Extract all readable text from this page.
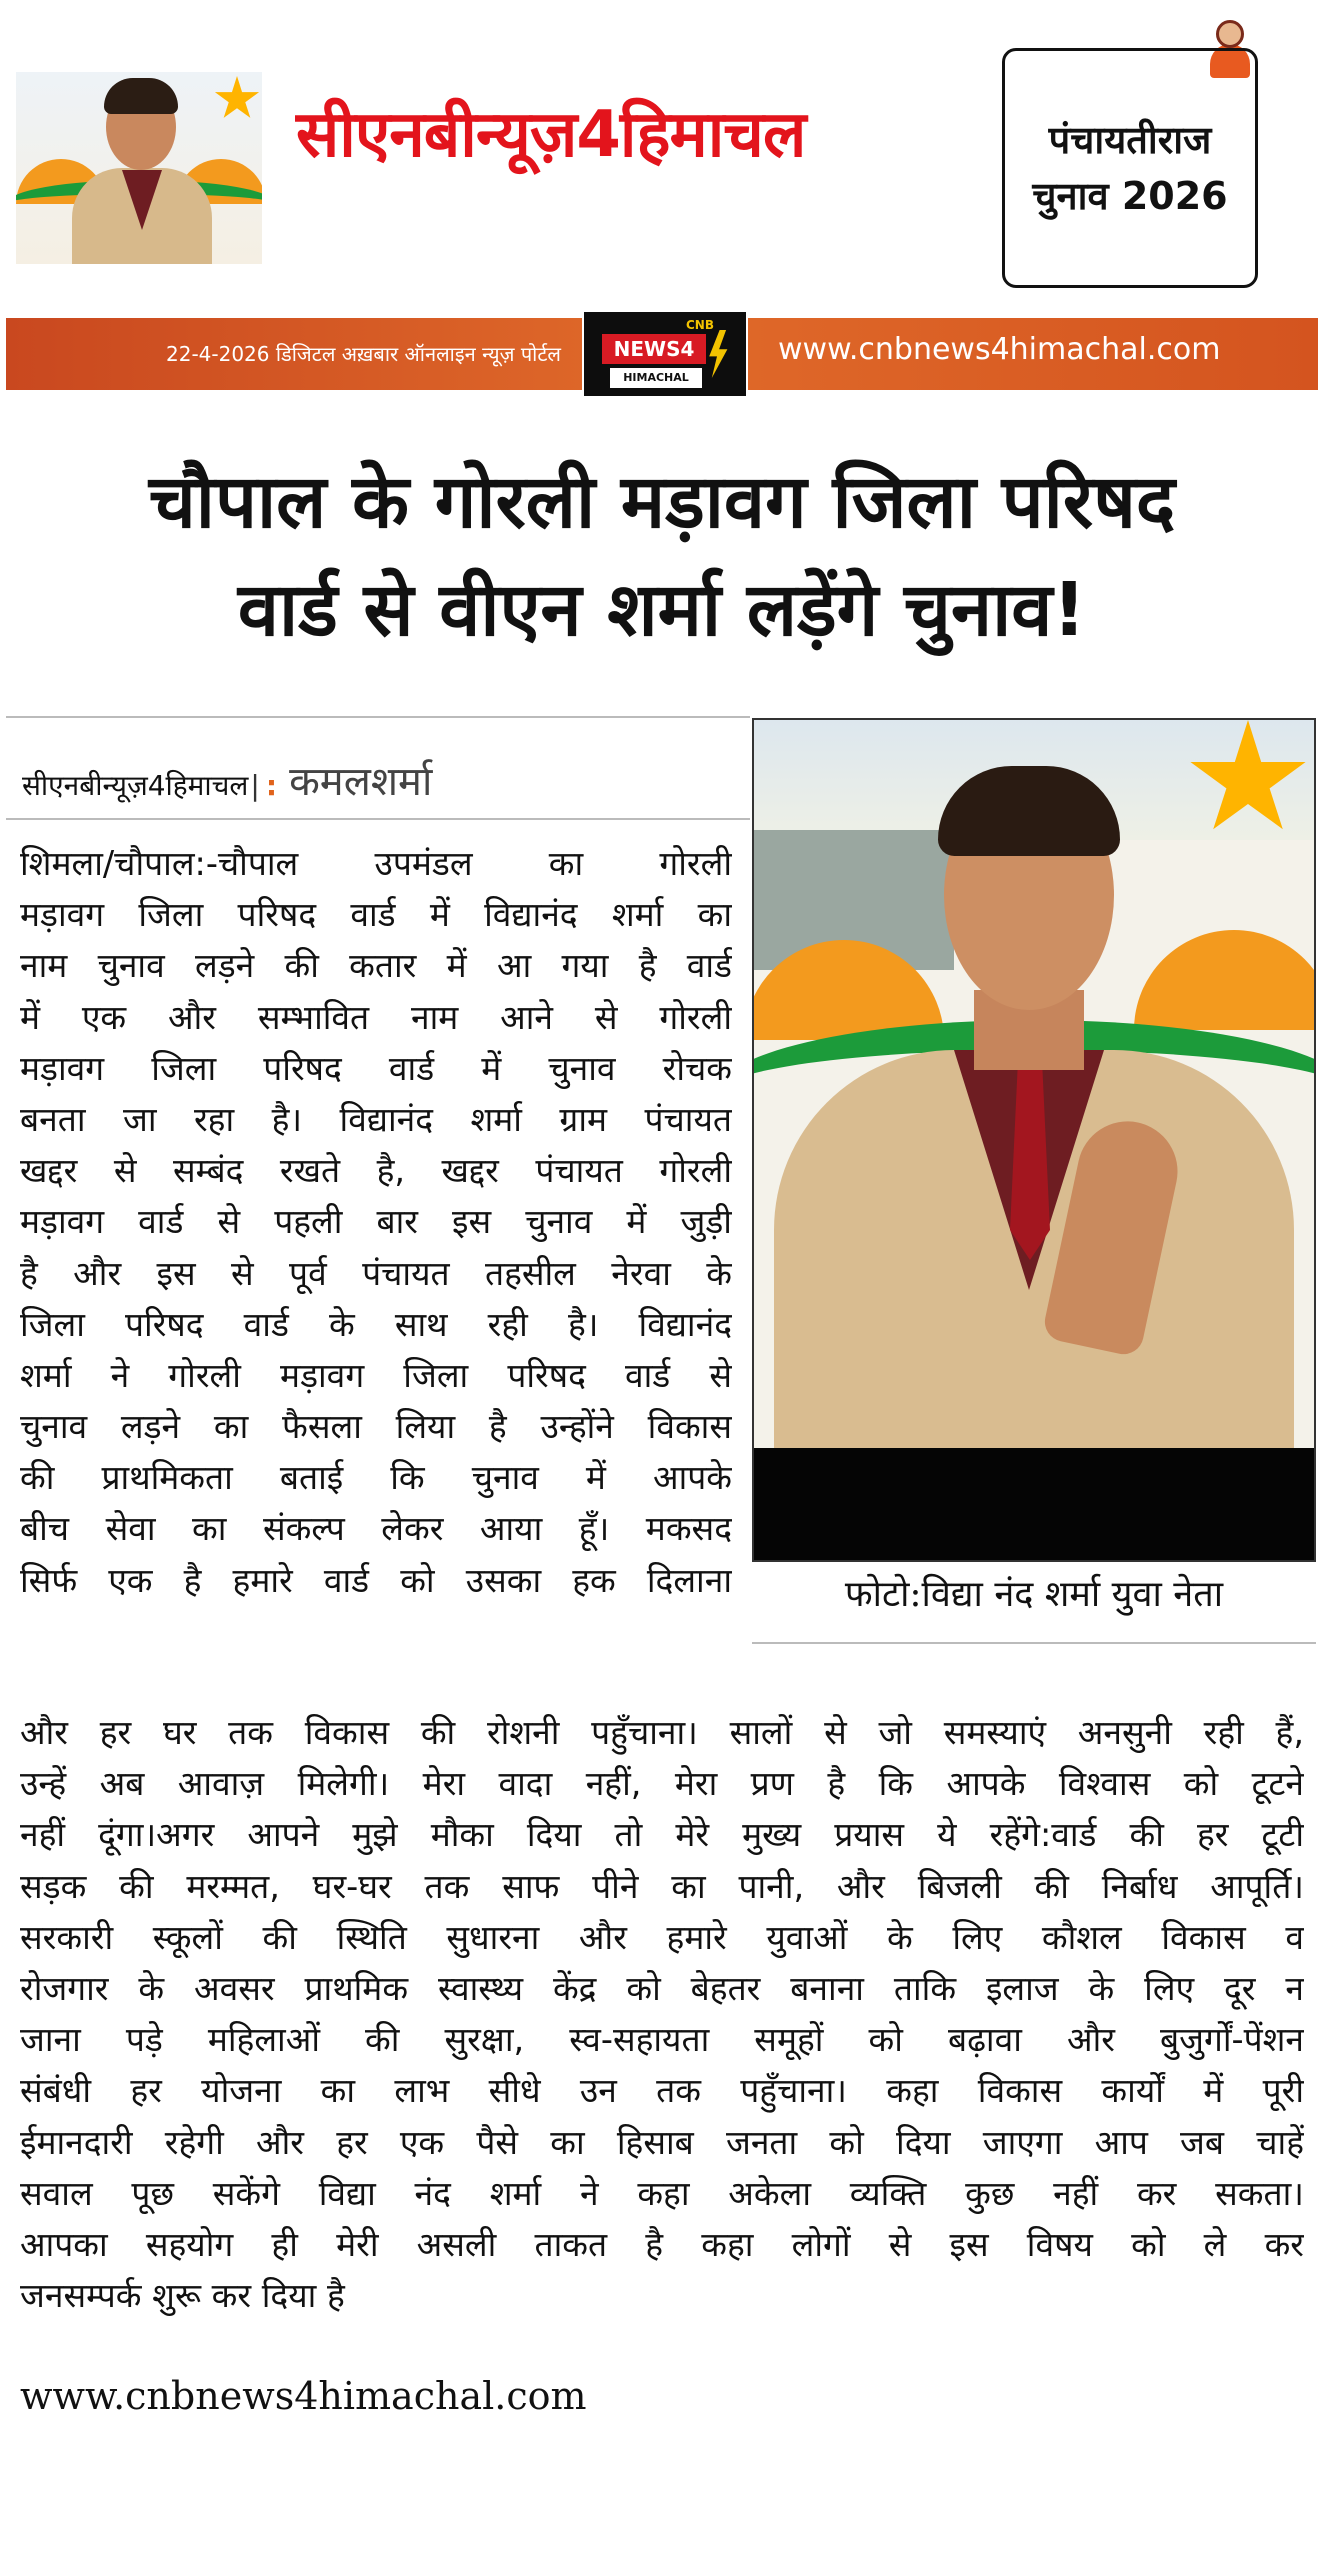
सीएनबीन्यूज़4हिमाचल	पंचायतीराज
चुनाव 2026
22-4-2026 डिजिटल अख़बार ऑनलाइन न्यूज़ पोर्टल
CNB
NEWS4
HIMACHAL
www.cnbnews4himachal.com
चौपाल के गोरली मड़ावग जिला परिषद
वार्ड से वीएन शर्मा लड़ेंगे चुनाव!
सीएनबीन्यूज़4हिमाचल| : कमलशर्मा
फोटो:विद्या नंद शर्मा युवा नेता
शिमला/चौपाल:-चौपाल उपमंडल का गोरली
मड़ावग जिला परिषद वार्ड में विद्यानंद शर्मा का
नाम चुनाव लड़ने की कतार में आ गया है वार्ड
में एक और सम्भावित नाम आने से गोरली
मड़ावग जिला परिषद वार्ड में चुनाव रोचक
बनता जा रहा है। विद्यानंद शर्मा ग्राम पंचायत
खद्दर से सम्बंद रखते है, खद्दर पंचायत गोरली
मड़ावग वार्ड से पहली बार इस चुनाव में जुड़ी
है और इस से पूर्व पंचायत तहसील नेरवा के
जिला परिषद वार्ड के साथ रही है। विद्यानंद
शर्मा ने गोरली मड़ावग जिला परिषद वार्ड से
चुनाव लड़ने का फैसला लिया है उन्होंने विकास
की प्राथमिकता बताई कि चुनाव में आपके
बीच सेवा का संकल्प लेकर आया हूँ। मकसद
सिर्फ एक है हमारे वार्ड को उसका हक दिलाना
और हर घर तक विकास की रोशनी पहुँचाना। सालों से जो समस्याएं अनसुनी रही हैं,
उन्हें अब आवाज़ मिलेगी। मेरा वादा नहीं, मेरा प्रण है कि आपके विश्वास को टूटने
नहीं दूंगा।अगर आपने मुझे मौका दिया तो मेरे मुख्य प्रयास ये रहेंगे:वार्ड की हर टूटी
सड़क की मरम्मत, घर-घर तक साफ पीने का पानी, और बिजली की निर्बाध आपूर्ति।
सरकारी स्कूलों की स्थिति सुधारना और हमारे युवाओं के लिए कौशल विकास व
रोजगार के अवसर प्राथमिक स्वास्थ्य केंद्र को बेहतर बनाना ताकि इलाज के लिए दूर न
जाना पड़े महिलाओं की सुरक्षा, स्व-सहायता समूहों को बढ़ावा और बुजुर्गों-पेंशन
संबंधी हर योजना का लाभ सीधे उन तक पहुँचाना। कहा विकास कार्यों में पूरी
ईमानदारी रहेगी और हर एक पैसे का हिसाब जनता को दिया जाएगा आप जब चाहें
सवाल पूछ सकेंगे विद्या नंद शर्मा ने कहा अकेला व्यक्ति कुछ नहीं कर सकता।
आपका सहयोग ही मेरी असली ताकत है कहा लोगों से इस विषय को ले कर
जनसम्पर्क शुरू कर दिया है
www.cnbnews4himachal.com
